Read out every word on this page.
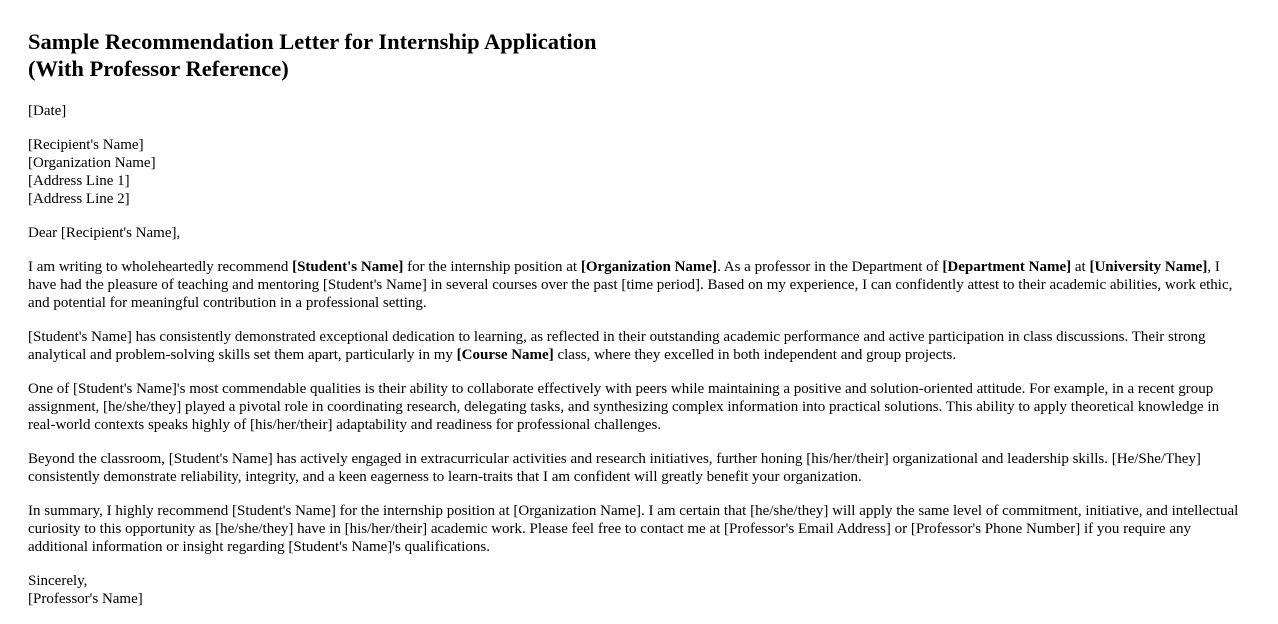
Sample Recommendation Letter for Internship Application
(With Professor Reference)

[Date]

[Recipient's Name]
[Organization Name]
[Address Line 1]
[Address Line 2]

Dear [Recipient's Name],

I am writing to wholeheartedly recommend [Student's Name] for the internship position at [Organization Name]. As a professor in the Department of [Department Name] at [University Name], I have had the pleasure of teaching and mentoring [Student's Name] in several courses over the past [time period]. Based on my experience, I can confidently attest to their academic abilities, work ethic, and potential for meaningful contribution in a professional setting.

[Student's Name] has consistently demonstrated exceptional dedication to learning, as reflected in their outstanding academic performance and active participation in class discussions. Their strong analytical and problem-solving skills set them apart, particularly in my [Course Name] class, where they excelled in both independent and group projects.

One of [Student's Name]'s most commendable qualities is their ability to collaborate effectively with peers while maintaining a positive and solution-oriented attitude. For example, in a recent group assignment, [he/she/they] played a pivotal role in coordinating research, delegating tasks, and synthesizing complex information into practical solutions. This ability to apply theoretical knowledge in real-world contexts speaks highly of [his/her/their] adaptability and readiness for professional challenges.

Beyond the classroom, [Student's Name] has actively engaged in extracurricular activities and research initiatives, further honing [his/her/their] organizational and leadership skills. [He/She/They] consistently demonstrate reliability, integrity, and a keen eagerness to learn-traits that I am confident will greatly benefit your organization.

In summary, I highly recommend [Student's Name] for the internship position at [Organization Name]. I am certain that [he/she/they] will apply the same level of commitment, initiative, and intellectual curiosity to this opportunity as [he/she/they] have in [his/her/their] academic work. Please feel free to contact me at [Professor's Email Address] or [Professor's Phone Number] if you require any additional information or insight regarding [Student's Name]'s qualifications.

Sincerely,
[Professor's Name]
